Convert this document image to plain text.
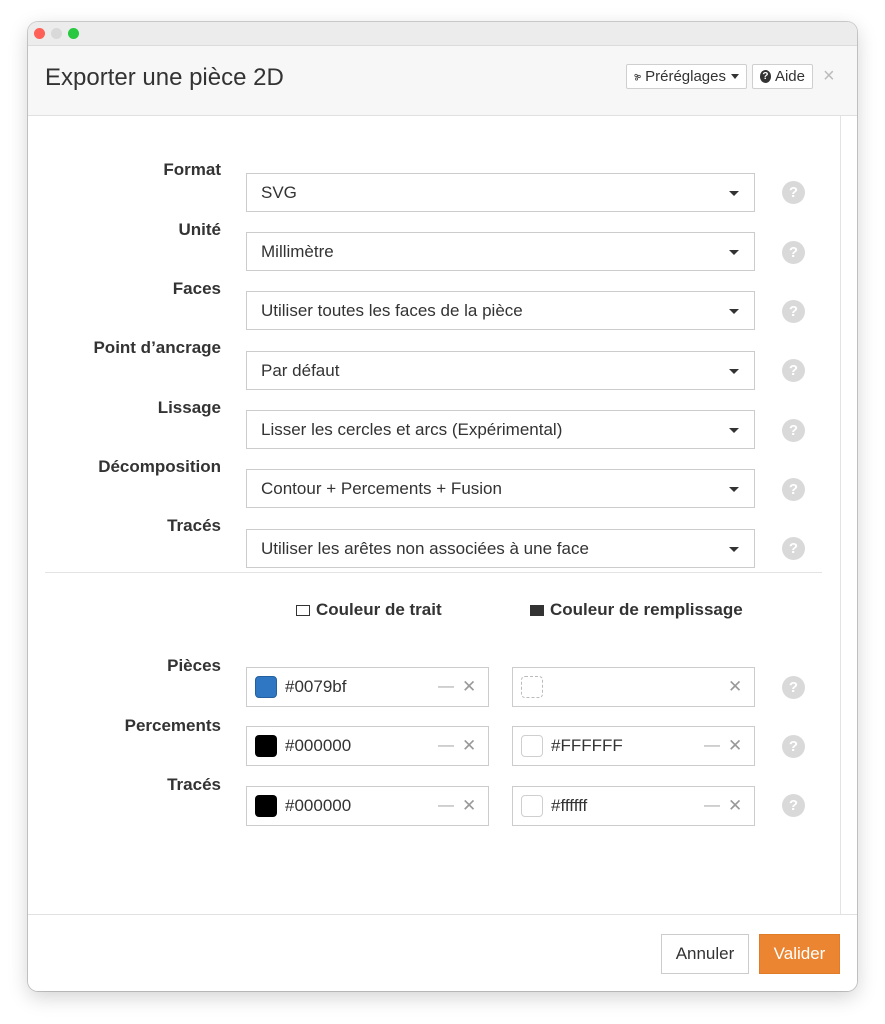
Exporter une pièce 2D	Préréglages	? Aide ×
Format
SVG	?
Unité
Millimètre	?
Faces
Utiliser toutes les faces de la pièce	?
Point d’ancrage
Par défaut	?
Lissage
Lisser les cercles et arcs (Expérimental)	?
Décomposition
Contour + Percements + Fusion	?
Tracés
Utiliser les arêtes non associées à une face	?
Couleur de trait	Couleur de remplissage
Pièces
#0079bf	— ✕	✕	?
Percements
#000000	— ✕	#FFFFFF	— ✕	?
Tracés
#000000	— ✕	#ffffff	— ✕	?
Annuler	Valider
